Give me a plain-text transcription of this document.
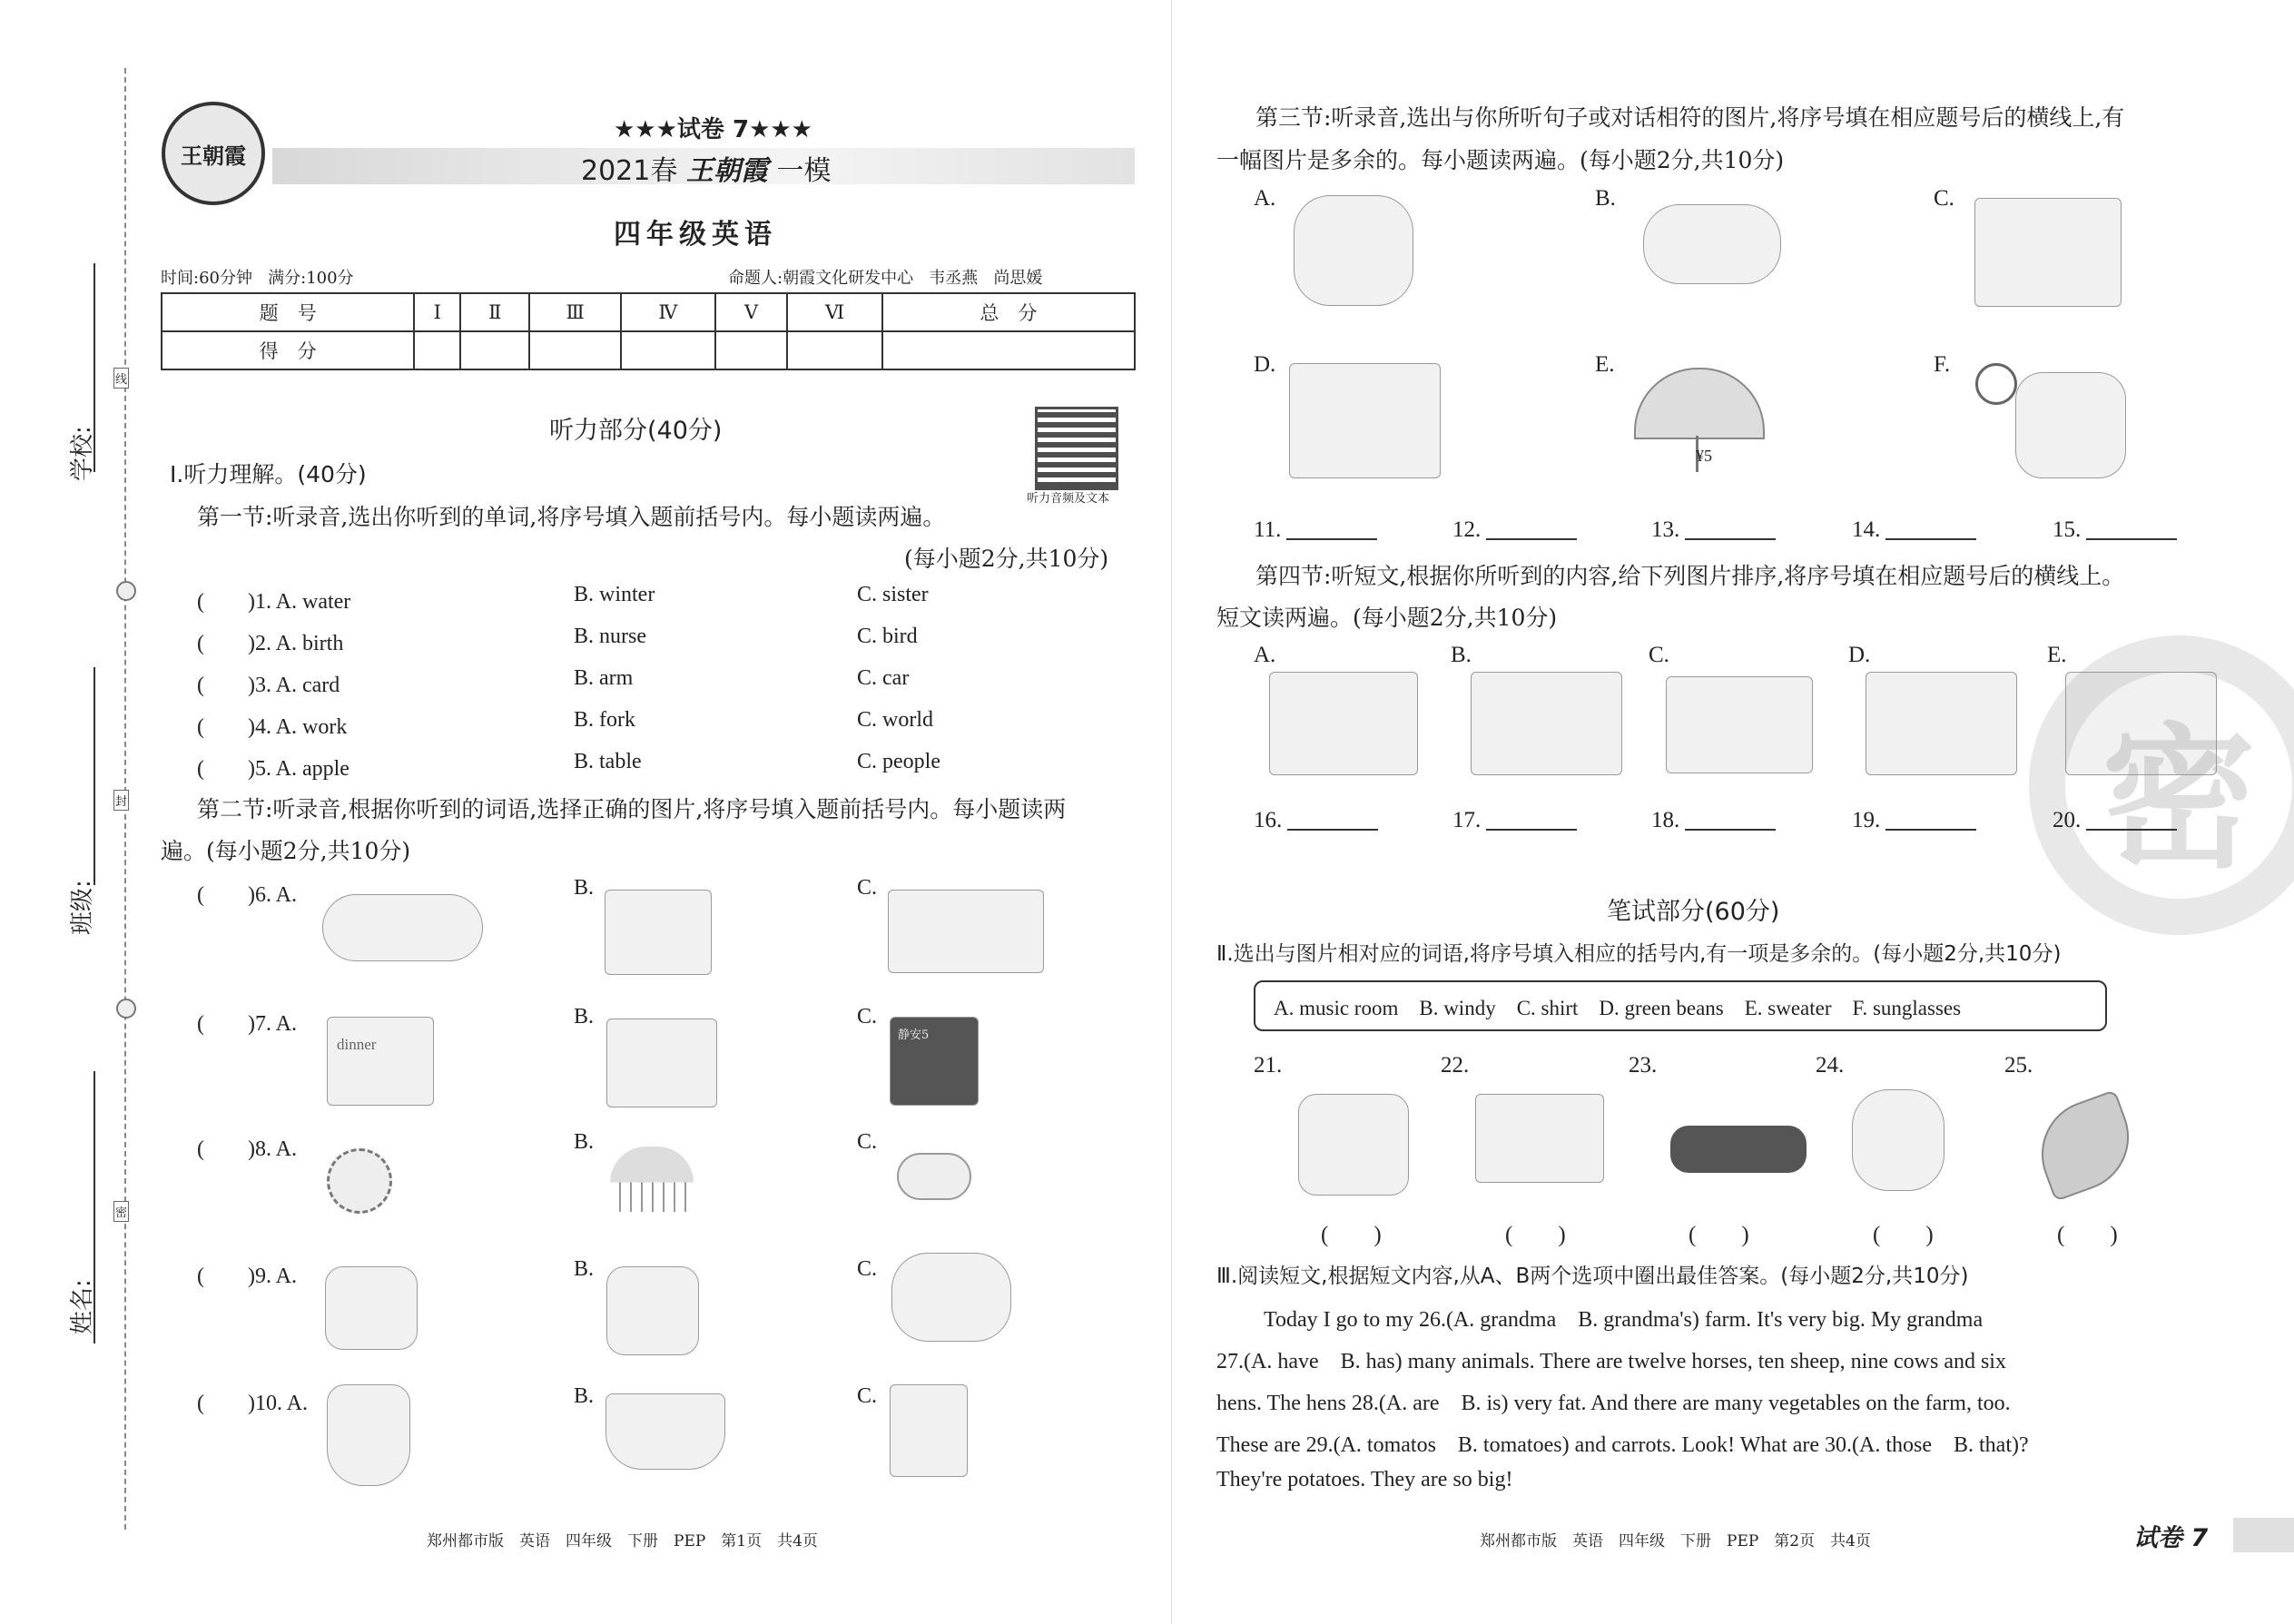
学校:
班级:
姓名:
线
封
密
王朝霞
★★★试卷 7★★★
2021春 王朝霞 一模
四年级英语
时间:60分钟   满分:100分	命题人:朝霞文化研发中心   韦丞燕   尚思媛
题　号	Ⅰ	Ⅱ	Ⅲ	Ⅳ	Ⅴ	Ⅵ	总　分
得　分							
听力部分(40分)
听力音频及文本
Ⅰ.听力理解。(40分)
第一节:听录音,选出你听到的单词,将序号填入题前括号内。每小题读两遍。
(每小题2分,共10分)
(　　)1. A. water	B. winter	C. sister
(　　)2. A. birth	B. nurse	C. bird
(　　)3. A. card	B. arm	C. car
(　　)4. A. work	B. fork	C. world
(　　)5. A. apple	B. table	C. people
第二节:听录音,根据你听到的词语,选择正确的图片,将序号填入题前括号内。每小题读两
遍。(每小题2分,共10分)
(　　)6. A.	B.	C.
(　　)7. A.	B.	C.
dinner
静安5
(　　)8. A.	B.	C.
(　　)9. A.	B.	C.
(　　)10. A.	B.	C.
郑州都市版　英语　四年级　下册　PEP　第1页　共4页
第三节:听录音,选出与你所听句子或对话相符的图片,将序号填在相应题号后的横线上,有
一幅图片是多余的。每小题读两遍。(每小题2分,共10分)
A.	B.	C.
D.	E.	F.
¥5
11.	12.	13.	14.	15.
第四节:听短文,根据你所听到的内容,给下列图片排序,将序号填在相应题号后的横线上。
短文读两遍。(每小题2分,共10分)
A.	B.	C.	D.	E.
密
16.	17.	18.	19.	20.
笔试部分(60分)
Ⅱ.选出与图片相对应的词语,将序号填入相应的括号内,有一项是多余的。(每小题2分,共10分)
A. music room　B. windy　C. shirt　D. green beans　E. sweater　F. sunglasses
21.	22.	23.	24.	25.
(　　)	(　　)	(　　)	(　　)	(　　)
Ⅲ.阅读短文,根据短文内容,从A、B两个选项中圈出最佳答案。(每小题2分,共10分)
Today I go to my 26.(A. grandma　B. grandma's) farm. It's very big. My grandma
27.(A. have　B. has) many animals. There are twelve horses, ten sheep, nine cows and six
hens. The hens 28.(A. are　B. is) very fat. And there are many vegetables on the farm, too.
These are 29.(A. tomatos　B. tomatoes) and carrots. Look! What are 30.(A. those　B. that)?
They're potatoes. They are so big!
郑州都市版　英语　四年级　下册　PEP　第2页　共4页	试卷 7
